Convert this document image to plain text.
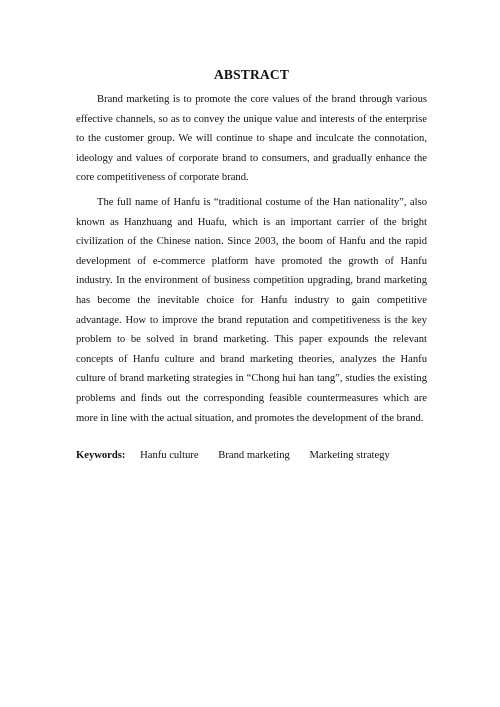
ABSTRACT

Brand marketing is to promote the core values of the brand through various effective channels, so as to convey the unique value and interests of the enterprise to the customer group. We will continue to shape and inculcate the connotation, ideology and values of corporate brand to consumers, and gradually enhance the core competitiveness of corporate brand.

The full name of Hanfu is “traditional costume of the Han nationality”, also known as Hanzhuang and Huafu, which is an important carrier of the bright civilization of the Chinese nation. Since 2003, the boom of Hanfu and the rapid development of e-commerce platform have promoted the growth of Hanfu industry. In the environment of business competition upgrading, brand marketing has become the inevitable choice for Hanfu industry to gain competitive advantage. How to improve the brand reputation and competitiveness is the key problem to be solved in brand marketing. This paper expounds the relevant concepts of Hanfu culture and brand marketing theories, analyzes the Hanfu culture of brand marketing strategies in “Chong hui han tang”, studies the existing problems and finds out the corresponding feasible countermeasures which are more in line with the actual situation, and promotes the development of the brand.

Keywords: Hanfu culture Brand marketing Marketing strategy
